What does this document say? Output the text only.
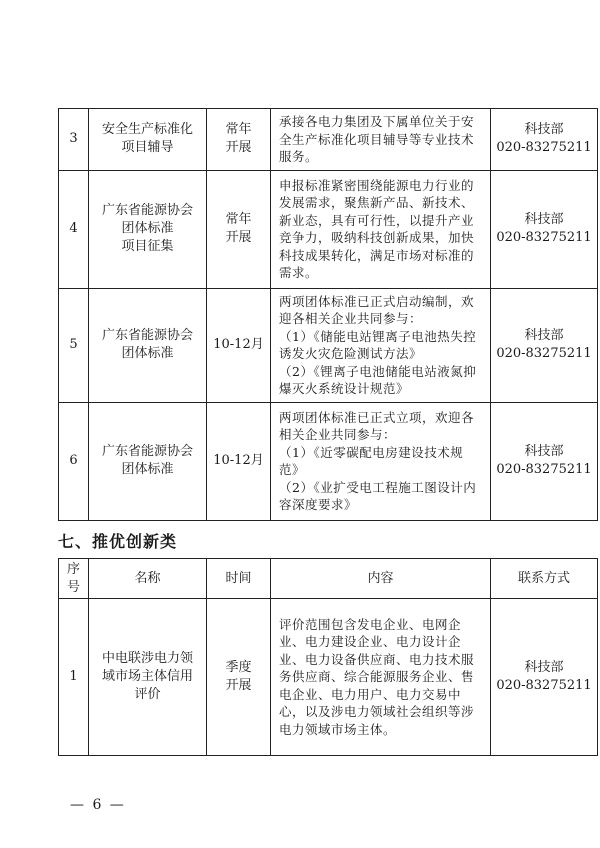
3	安全生产标准化
项目辅导	常年
开展	承接各电力集团及下属单位关于安全生产标准化项目辅导等专业技术服务。	科技部
020-83275211
4	广东省能源协会
团体标准
项目征集	常年
开展	申报标准紧密围绕能源电力行业的发展需求，聚焦新产品、新技术、新业态，具有可行性，以提升产业竞争力，吸纳科技创新成果，加快科技成果转化，满足市场对标准的需求。	科技部
020-83275211
5	广东省能源协会
团体标准	10-12月	两项团体标准已正式启动编制，欢迎各相关企业共同参与：
（1）《储能电站锂离子电池热失控诱发火灾危险测试方法》
（2）《锂离子电池储能电站液氮抑爆灭火系统设计规范》	科技部
020-83275211
6	广东省能源协会
团体标准	10-12月	两项团体标准已正式立项，欢迎各相关企业共同参与：
（1）《近零碳配电房建设技术规范》
（2）《业扩受电工程施工图设计内容深度要求》	科技部
020-83275211
七、推优创新类
序
号	名称	时间	内容	联系方式
1	中电联涉电力领
域市场主体信用
评价	季度
开展	评价范围包含发电企业、电网企业、电力建设企业、电力设计企业、电力设备供应商、电力技术服务供应商、综合能源服务企业、售电企业、电力用户、电力交易中心，以及涉电力领域社会组织等涉电力领域市场主体。	科技部
020-83275211
— 6 —
